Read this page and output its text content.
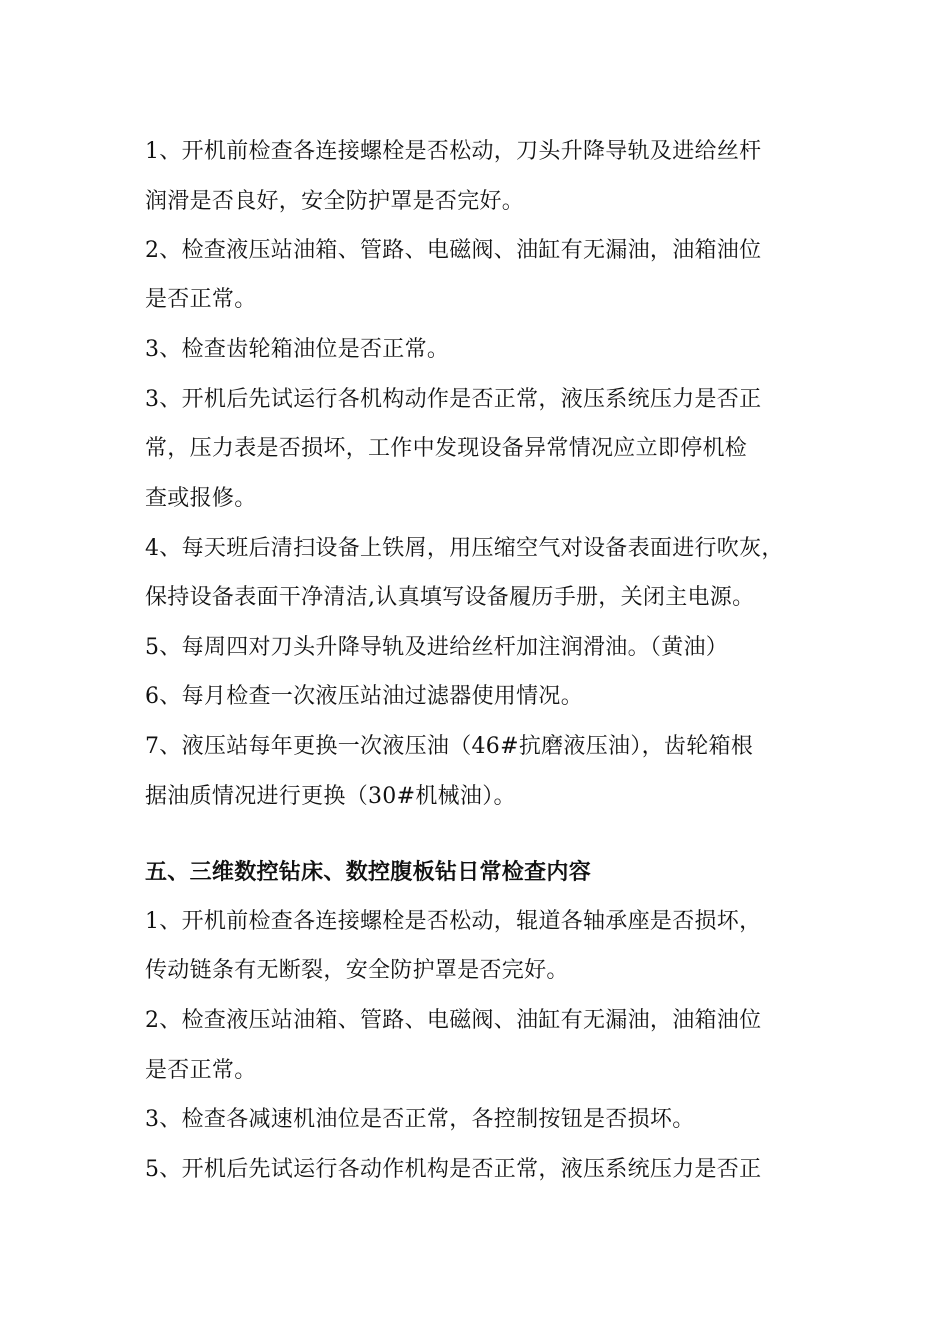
1、开机前检查各连接螺栓是否松动，刀头升降导轨及进给丝杆
润滑是否良好，安全防护罩是否完好。
2、检查液压站油箱、管路、电磁阀、油缸有无漏油，油箱油位
是否正常。
3、检查齿轮箱油位是否正常。
3、开机后先试运行各机构动作是否正常，液压系统压力是否正
常，压力表是否损坏，工作中发现设备异常情况应立即停机检
查或报修。
4、每天班后清扫设备上铁屑，用压缩空气对设备表面进行吹灰，
保持设备表面干净清洁,认真填写设备履历手册，关闭主电源。
5、每周四对刀头升降导轨及进给丝杆加注润滑油。（黄油）
6、每月检查一次液压站油过滤器使用情况。
7、液压站每年更换一次液压油（46#抗磨液压油），齿轮箱根
据油质情况进行更换（30#机械油）。
五、三维数控钻床、数控腹板钻日常检查内容
1、开机前检查各连接螺栓是否松动，辊道各轴承座是否损坏，
传动链条有无断裂，安全防护罩是否完好。
2、检查液压站油箱、管路、电磁阀、油缸有无漏油，油箱油位
是否正常。
3、检查各减速机油位是否正常，各控制按钮是否损坏。
5、开机后先试运行各动作机构是否正常，液压系统压力是否正
